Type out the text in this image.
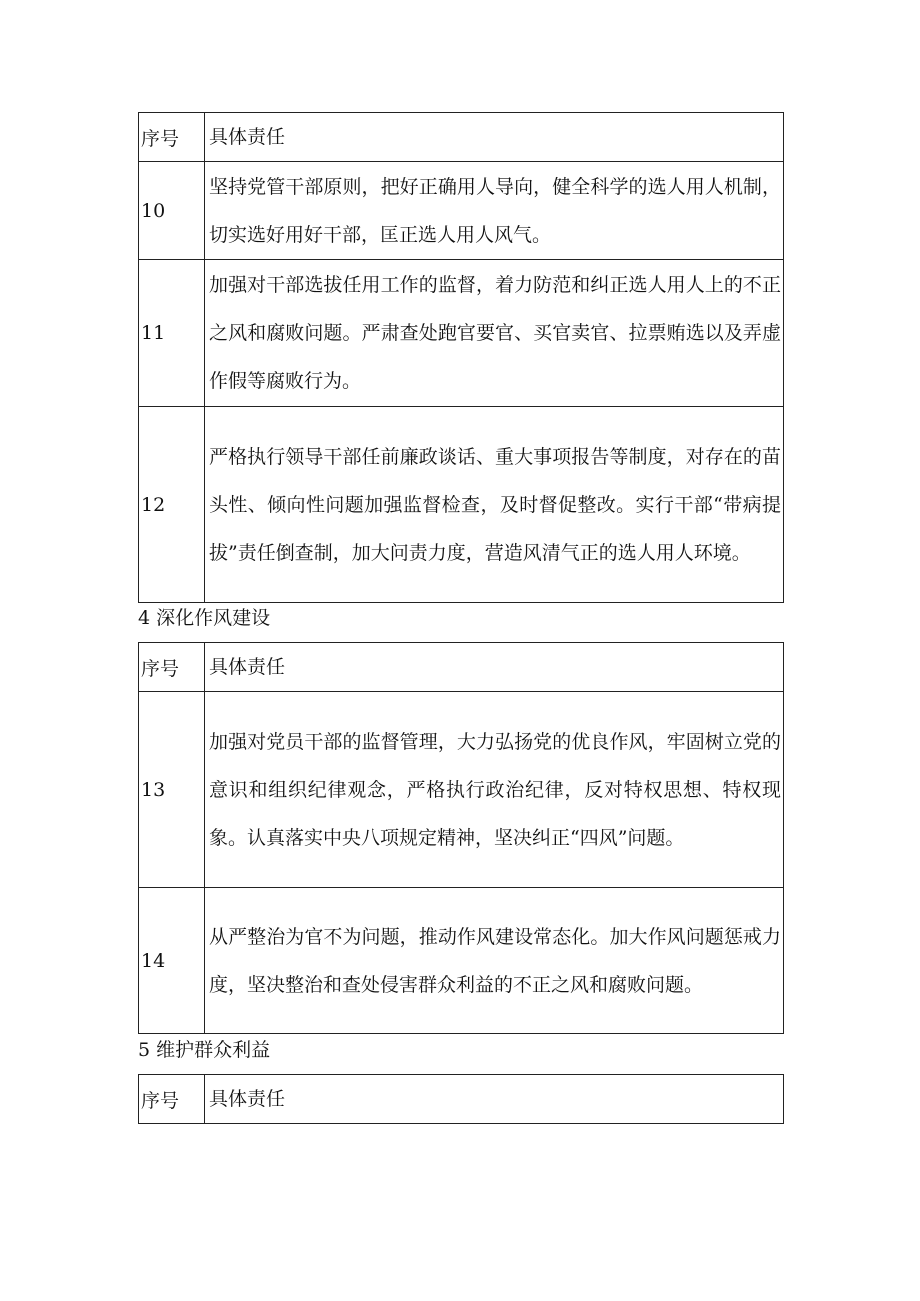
序号	具体责任
10	坚持党管干部原则，把好正确用人导向，健全科学的选人用人机制，切实选好用好干部，匡正选人用人风气。
11	加强对干部选拔任用工作的监督，着力防范和纠正选人用人上的不正之风和腐败问题。严肃查处跑官要官、买官卖官、拉票贿选以及弄虚作假等腐败行为。
12	严格执行领导干部任前廉政谈话、重大事项报告等制度，对存在的苗头性、倾向性问题加强监督检查，及时督促整改。实行干部“带病提拔”责任倒查制，加大问责力度，营造风清气正的选人用人环境。
4 深化作风建设
序号	具体责任
13	加强对党员干部的监督管理，大力弘扬党的优良作风，牢固树立党的意识和组织纪律观念，严格执行政治纪律，反对特权思想、特权现象。认真落实中央八项规定精神，坚决纠正“四风”问题。
14	从严整治为官不为问题，推动作风建设常态化。加大作风问题惩戒力度，坚决整治和查处侵害群众利益的不正之风和腐败问题。
5 维护群众利益
序号	具体责任
